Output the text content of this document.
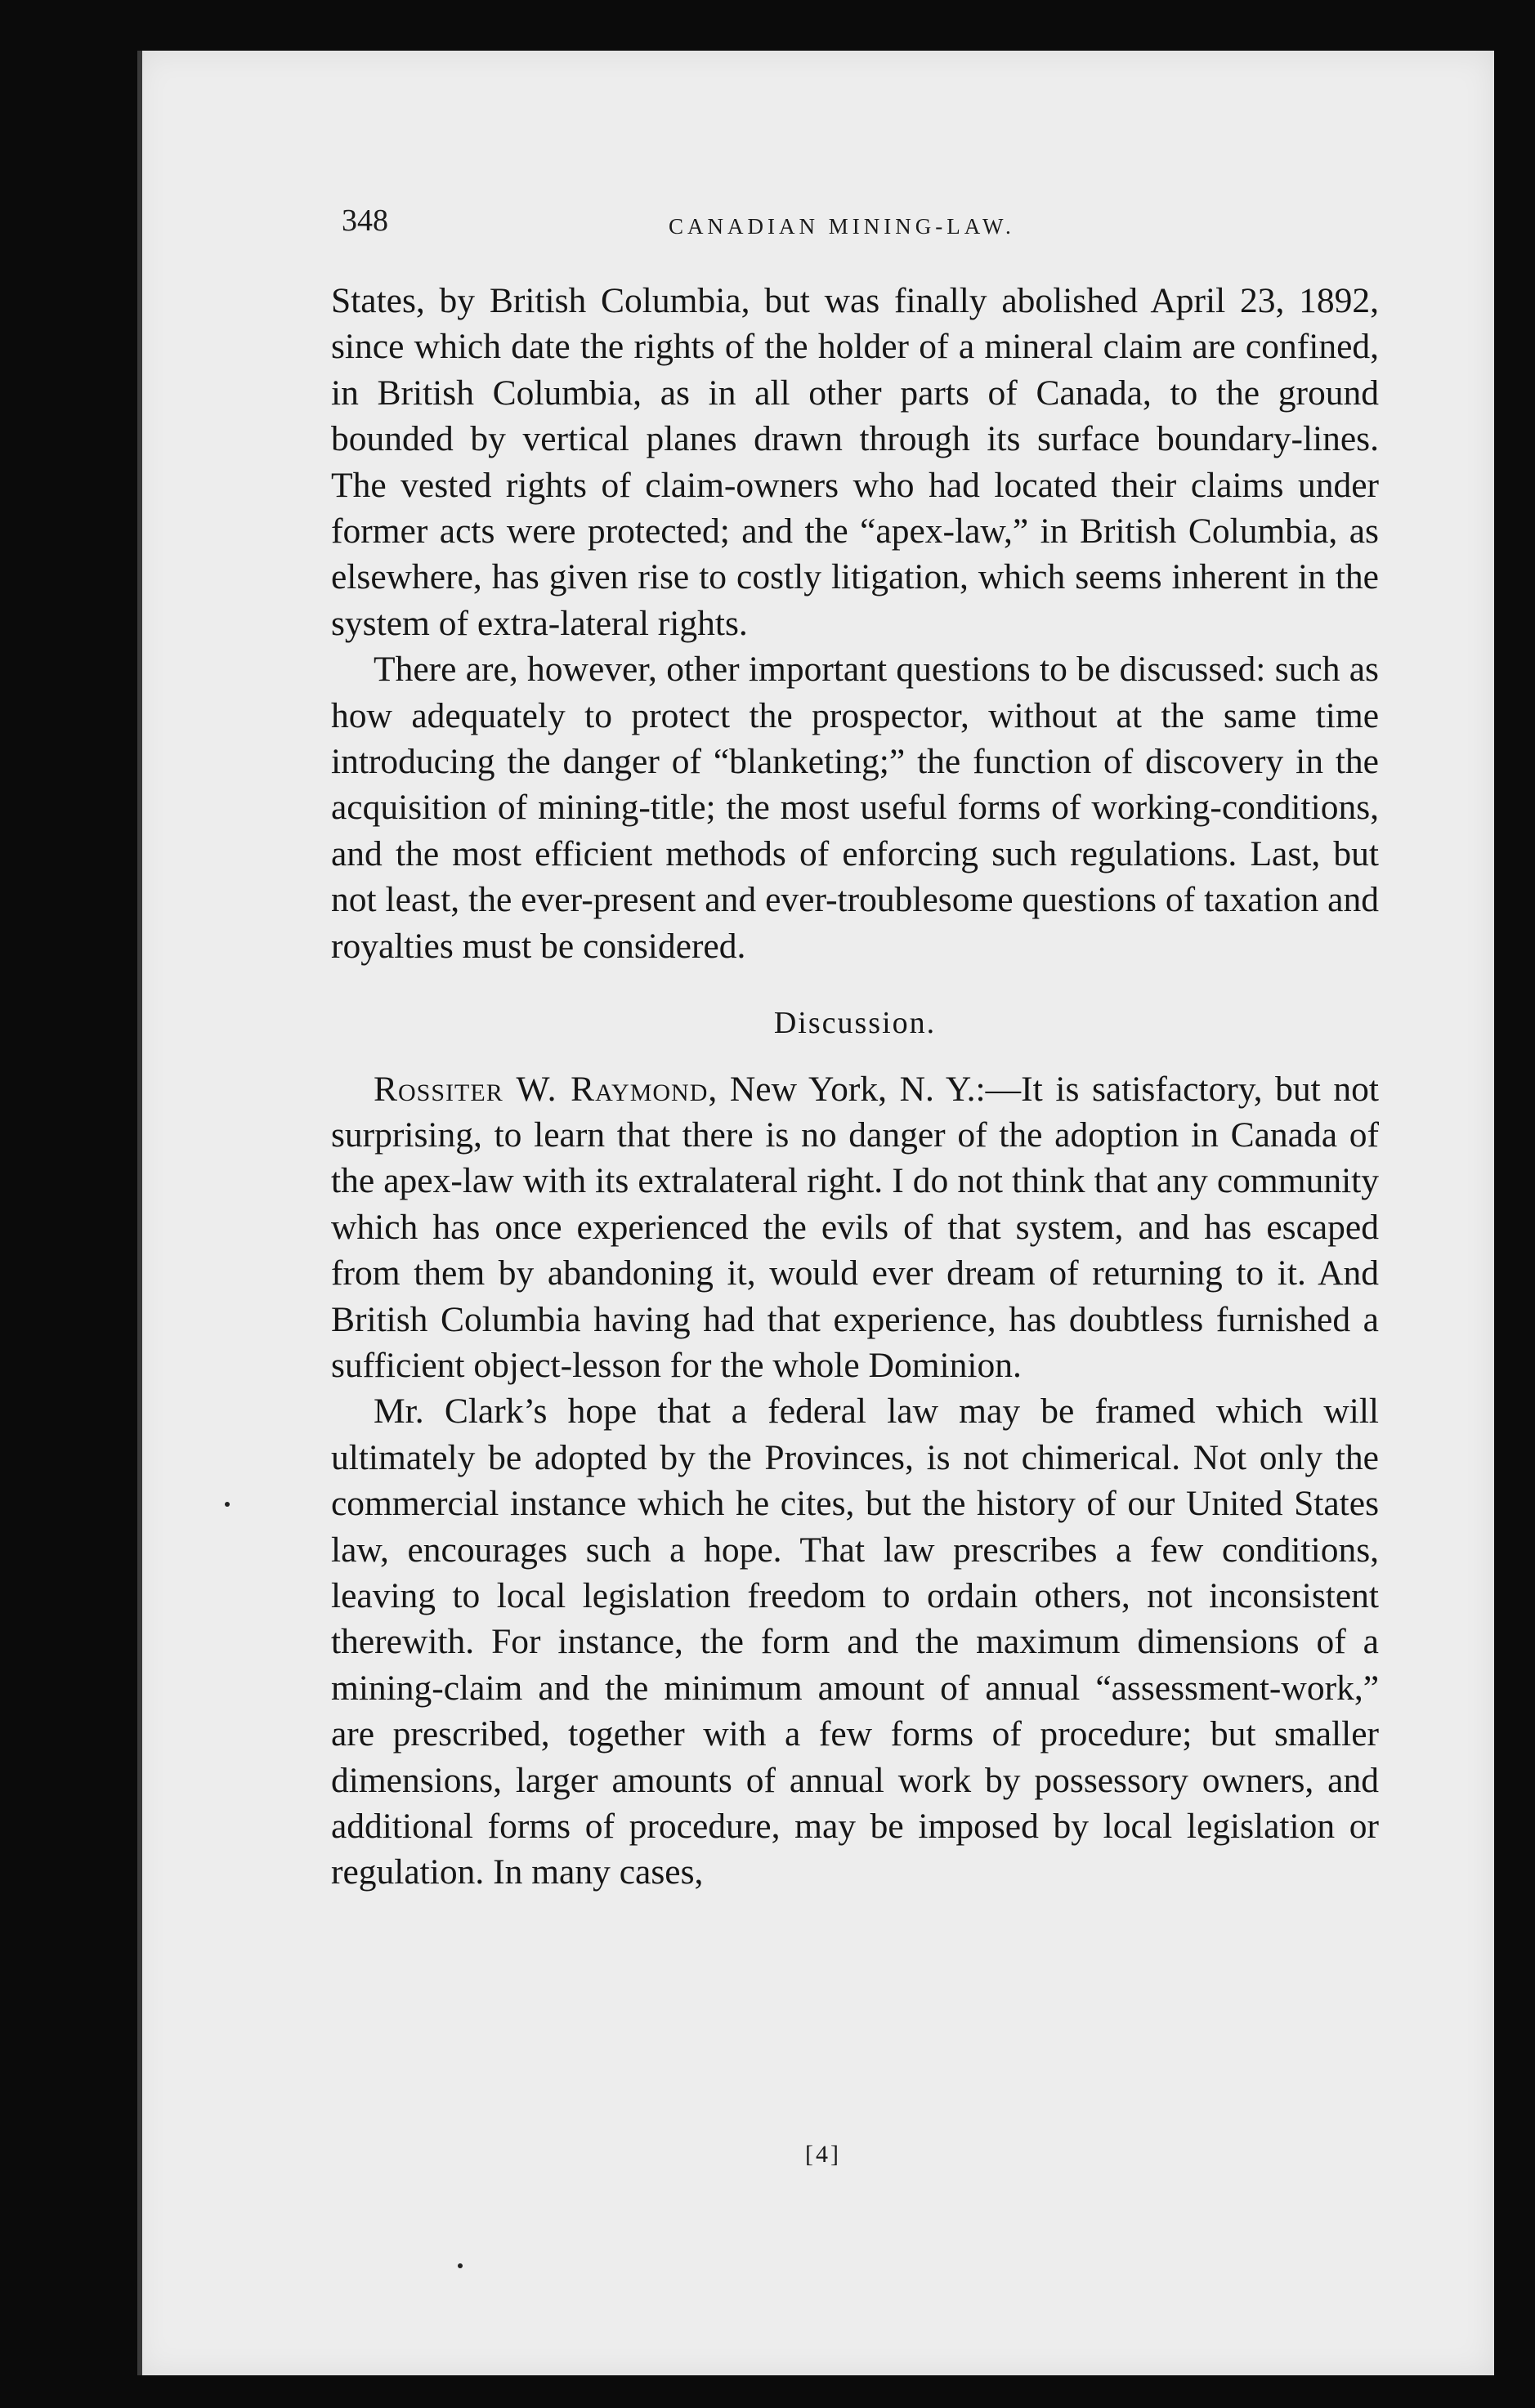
348	CANADIAN MINING-LAW.

States, by British Columbia, but was finally abolished April 23, 1892, since which date the rights of the holder of a mineral claim are confined, in British Columbia, as in all other parts of Canada, to the ground bounded by vertical planes drawn through its surface boundary-lines. The vested rights of claim-owners who had located their claims under former acts were protected; and the “apex-law,” in British Columbia, as elsewhere, has given rise to costly litigation, which seems inherent in the system of extra-lateral rights.

There are, however, other important questions to be discussed: such as how adequately to protect the prospector, without at the same time introducing the danger of “blanketing;” the function of discovery in the acquisition of mining-title; the most useful forms of working-conditions, and the most efficient methods of enforcing such regulations. Last, but not least, the ever-present and ever-troublesome questions of taxation and royalties must be considered.

Discussion.

Rossiter W. Raymond, New York, N. Y.:—It is satisfactory, but not surprising, to learn that there is no danger of the adoption in Canada of the apex-law with its extralateral right. I do not think that any community which has once experienced the evils of that system, and has escaped from them by abandoning it, would ever dream of returning to it. And British Columbia having had that experience, has doubtless furnished a sufficient object-lesson for the whole Dominion.

Mr. Clark’s hope that a federal law may be framed which will ultimately be adopted by the Provinces, is not chimerical. Not only the commercial instance which he cites, but the history of our United States law, encourages such a hope. That law prescribes a few conditions, leaving to local legislation freedom to ordain others, not inconsistent therewith. For instance, the form and the maximum dimensions of a mining-claim and the minimum amount of annual “assessment-work,” are prescribed, together with a few forms of procedure; but smaller dimensions, larger amounts of annual work by possessory owners, and additional forms of procedure, may be imposed by local legislation or regulation. In many cases,

[4]
